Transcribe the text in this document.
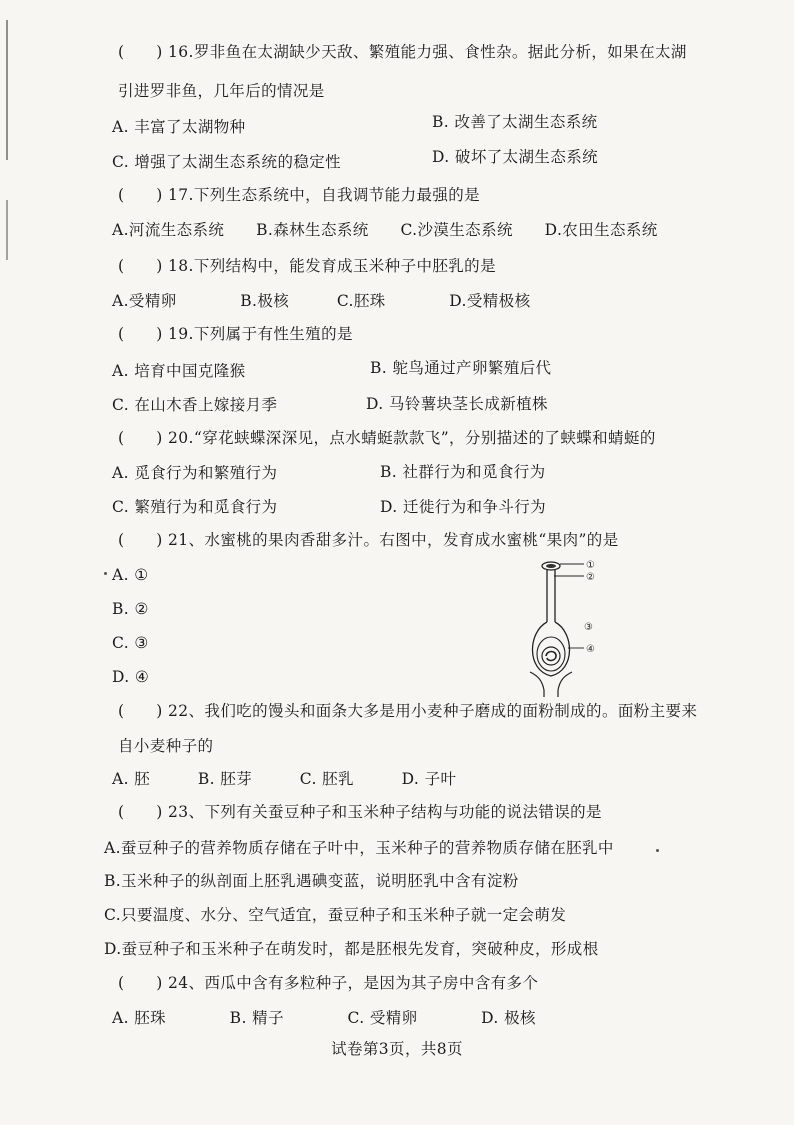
(　　) 16.罗非鱼在太湖缺少天敌、繁殖能力强、食性杂。据此分析，如果在太湖
引进罗非鱼，几年后的情况是
A. 丰富了太湖物种	B. 改善了太湖生态系统
C. 增强了太湖生态系统的稳定性	D. 破坏了太湖生态系统
(　　) 17.下列生态系统中，自我调节能力最强的是
A.河流生态系统　　B.森林生态系统　　C.沙漠生态系统　　D.农田生态系统
(　　) 18.下列结构中，能发育成玉米种子中胚乳的是
A.受精卵　　　　B.极核　　　C.胚珠　　　　D.受精极核
(　　) 19.下列属于有性生殖的是
A. 培育中国克隆猴	B. 鸵鸟通过产卵繁殖后代
C. 在山木香上嫁接月季	D. 马铃薯块茎长成新植株
(　　) 20.“穿花蛱蝶深深见，点水蜻蜓款款飞”，分别描述的了蛱蝶和蜻蜓的
A. 觅食行为和繁殖行为	B. 社群行为和觅食行为
C. 繁殖行为和觅食行为	D. 迁徙行为和争斗行为
(　　) 21、水蜜桃的果肉香甜多汁。右图中，发育成水蜜桃“果肉”的是
A. ①
B. ②
C. ③
D. ④
①
②
③
④
(　　) 22、我们吃的馒头和面条大多是用小麦种子磨成的面粉制成的。面粉主要来
自小麦种子的
A. 胚　　　B. 胚芽　　　C. 胚乳　　　D. 子叶
(　　) 23、下列有关蚕豆种子和玉米种子结构与功能的说法错误的是
A.蚕豆种子的营养物质存储在子叶中，玉米种子的营养物质存储在胚乳中
B.玉米种子的纵剖面上胚乳遇碘变蓝，说明胚乳中含有淀粉
C.只要温度、水分、空气适宜，蚕豆种子和玉米种子就一定会萌发
D.蚕豆种子和玉米种子在萌发时，都是胚根先发育，突破种皮，形成根
(　　) 24、西瓜中含有多粒种子，是因为其子房中含有多个
A. 胚珠　　　　B. 精子　　　　C. 受精卵　　　　D. 极核
试卷第3页，共8页
